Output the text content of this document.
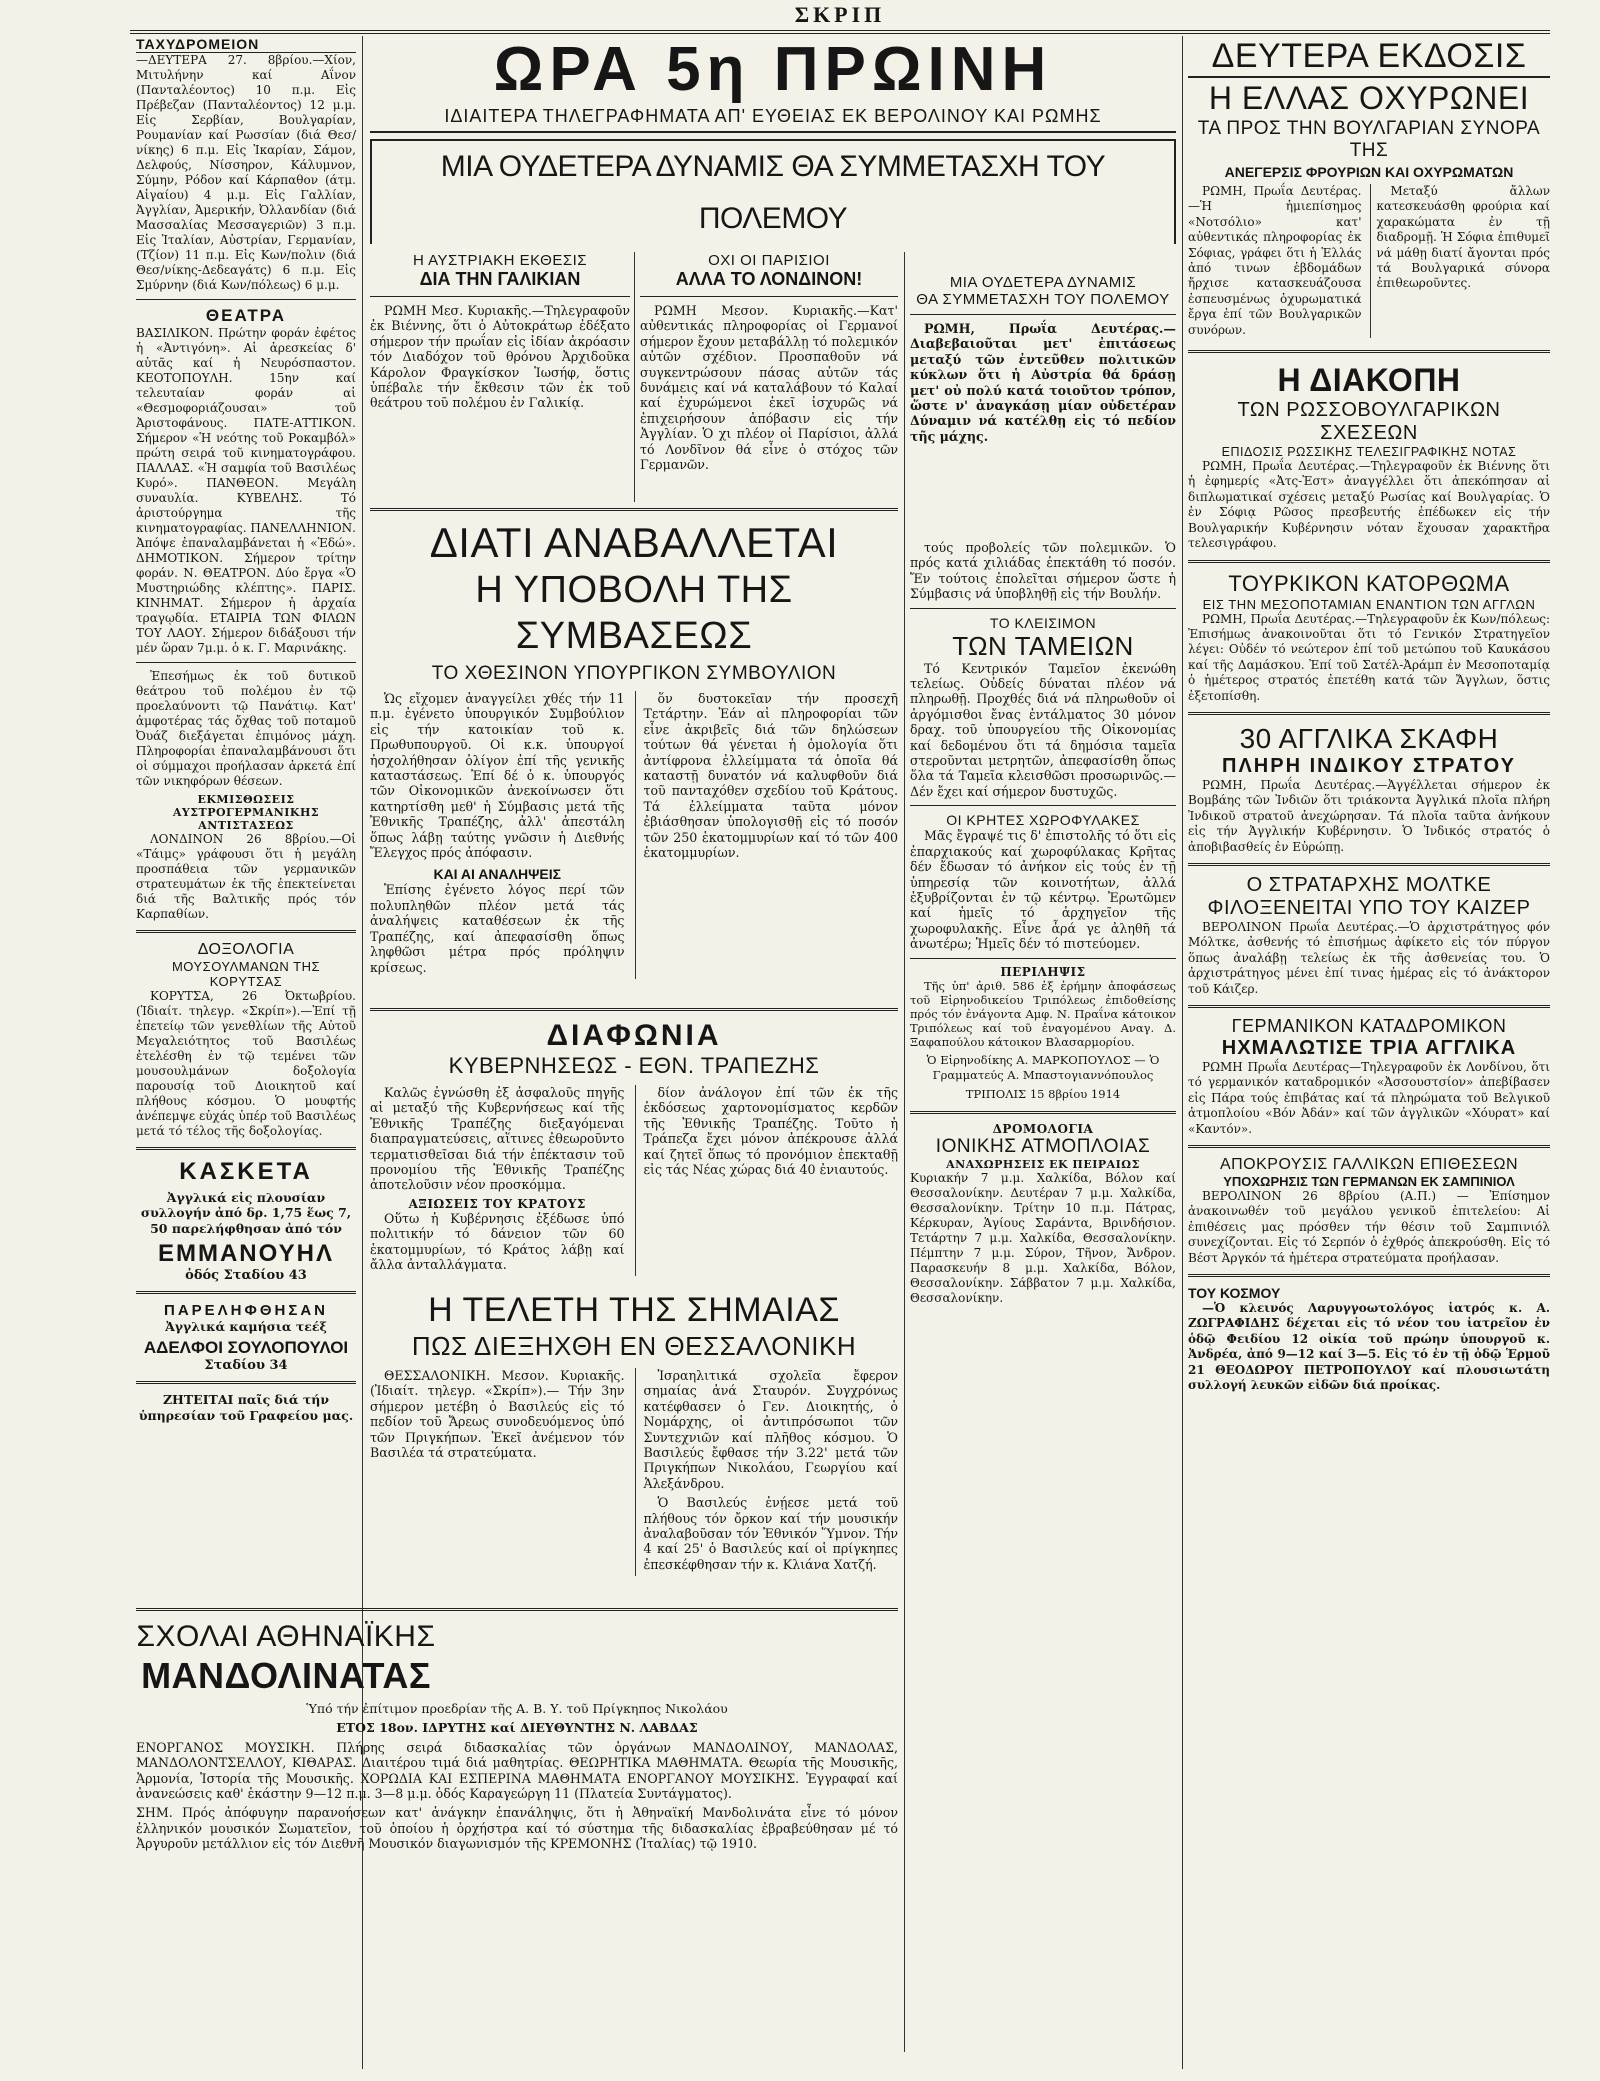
ΣΚΡΙΠ
ΤΑΧΥΔΡΟΜΕΙΟΝ

—ΔΕΥΤΕΡΑ 27. 8βρίου.—Χίον, Μιτυλήνην καί Αΐνον (Πανταλέοντος) 10 π.μ. Εἰς Πρέβεζαν (Πανταλέοντος) 12 μ.μ. Εἰς Σερβίαν, Βουλγαρίαν, Ρουμανίαν καί Ρωσσίαν (διά Θεσ/νίκης) 6 π.μ. Εἰς Ἰκαρίαν, Σάμον, Δελφούς, Νίσσηρον, Κάλυμνον, Σύμην, Ρόδον καί Κάρπαθον (άτμ. Αἰγαίου) 4 μ.μ. Εἰς Γαλλίαν, Ἀγγλίαν, Ἀμερικήν, Ὀλλανδίαν (διά Μασσαλίας Μεσσαγεριῶν) 3 π.μ. Εἰς Ἰταλίαν, Αὐστρίαν, Γερμανίαν, (Τζίον) 11 π.μ. Εἰς Κων/πολιν (διά Θεσ/νίκης-Δεδεαγάτς) 6 π.μ. Εἰς Σμύρνην (διά Κων/πόλεως) 6 μ.μ.

ΘΕΑΤΡΑ

ΒΑΣΙΛΙΚΟΝ. Πρώτην φοράν ἐφέτος ἡ «Ἀντιγόνη». Αἱ ἀρεσκείας δ' αὐτᾶς καί ἡ Νευρόσπαστον. ΚΕΟΤΟΠΟΥΛΗ. 15ην καί τελευταίαν φοράν αἱ «Θεσμοφοριάζουσαι» τοῦ Ἀριστοφάνους. ΠΑΤΕ-ΑΤΤΙΚΟΝ. Σήμερον «Ἡ νεότης τοῦ Ροκαμβόλ» πρώτη σειρά τοῦ κινηματογράφου. ΠΑΛΛΑΣ. «Ἡ σαμφία τοῦ Βασιλέως Κυρό». ΠΑΝΘΕΟΝ. Μεγάλη συναυλία. ΚΥΒΕΛΗΣ. Τό ἀριστούργημα τῆς κινηματογραφίας. ΠΑΝΕΛΛΗΝΙΟΝ. Ἀπόψε ἐπαναλαμβάνεται ἡ «Ἐδώ». ΔΗΜΟΤΙΚΟΝ. Σήμερον τρίτην φοράν. Ν. ΘΕΑΤΡΟΝ. Δύο ἔργα «Ὁ Μυστηριώδης κλέπτης». ΠΑΡΙΣ. ΚΙΝΗΜΑΤ. Σήμερον ἡ ἀρχαία τραγῳδία. ΕΤΑΙΡΙΑ ΤΩΝ ΦΙΛΩΝ ΤΟΥ ΛΑΟΥ. Σήμερον διδάξουσι τήν μέν ὥραν 7μ.μ. ὁ κ. Γ. Μαρινάκης.

Ἐπεσήμως ἐκ τοῦ δυτικοῦ θεάτρου τοῦ πολέμου ἐν τῷ προελαύνοντι τῷ Πανάτιῳ. Κατ' ἀμφοτέρας τάς ὄχθας τοῦ ποταμοῦ Ὀυάζ διεξάγεται ἐπιμόνος μάχη. Πληροφορίαι ἐπαναλαμβάνουσι ὅτι οἱ σύμμαχοι προήλασαν ἀρκετά ἐπί τῶν νικηφόρων θέσεων.

ΕΚΜΙΣΘΩΣΕΙΣ ΑΥΣΤΡΟΓΕΡΜΑΝΙΚΗΣ ΑΝΤΙΣΤΑΣΕΩΣ

ΛΟΝΔΙΝΟΝ 26 8βρίου.—Οἱ «Τάιμς» γράφουσι ὅτι ἡ μεγάλη προσπάθεια τῶν γερμανικῶν στρατευμάτων ἐκ τῆς ἐπεκτείνεται διά τῆς Βαλτικῆς πρός τόν Καρπαθίων.

ΔΟΞΟΛΟΓΙΑ
ΜΟΥΣΟΥΛΜΑΝΩΝ ΤΗΣ ΚΟΡΥΤΣΑΣ

ΚΟΡΥΤΣΑ, 26 Ὀκτωβρίου. (Ἰδιαίτ. τηλεγρ. «Σκρίπ»).—Ἐπί τῇ ἐπετείῳ τῶν γενεθλίων τῆς Αὐτοῦ Μεγαλειότητος τοῦ Βασιλέως ἐτελέσθη ἐν τῷ τεμένει τῶν μουσουλμάνων δοξολογία παρουσίᾳ τοῦ Διοικητοῦ καί πλήθους κόσμου. Ὁ μουφτής ἀνέπεμψε εὐχάς ὑπέρ τοῦ Βασιλέως μετά τό τέλος τῆς δοξολογίας.

ΚΑΣΚΕΤΑ

Ἀγγλικά εἰς πλουσίαν συλλογήν ἀπό δρ. 1,75 ἕως 7, 50 παρελήφθησαν ἀπό τόν

ΕΜΜΑΝΟΥΗΛ
ὁδός Σταδίου 43
ΠΑΡΕΛΗΦΘΗΣΑΝ
Ἀγγλικά καμήσια τεέξ
ΑΔΕΛΦΟΙ ΣΟΥΛΟΠΟΥΛΟΙ
Σταδίου 34

ΖΗΤΕΙΤΑΙ παῖς διά τήν ὑπηρεσίαν τοῦ Γραφείου μας.

ΩΡΑ 5η ΠΡΩΙΝΗ
ΙΔΙΑΙΤΕΡΑ ΤΗΛΕΓΡΑΦΗΜΑΤΑ ΑΠ' ΕΥΘΕΙΑΣ ΕΚ ΒΕΡΟΛΙΝΟΥ ΚΑΙ ΡΩΜΗΣ
ΜΙΑ ΟΥΔΕΤΕΡΑ ΔΥΝΑΜΙΣ ΘΑ ΣΥΜΜΕΤΑΣΧΗ ΤΟΥ ΠΟΛΕΜΟΥ
Η ΑΥΣΤΡΙΑΚΗ ΕΚΘΕΣΙΣ
ΔΙΑ ΤΗΝ ΓΑΛΙΚΙΑΝ

ΡΩΜΗ Μεσ. Κυριακῆς.—Τηλεγραφοῦν ἐκ Βιέννης, ὅτι ὁ Αὐτοκράτωρ ἐδέξατο σήμερον τήν πρωΐαν εἰς ἰδίαν ἀκρόασιν τόν Διαδόχον τοῦ θρόνου Ἀρχιδοῦκα Κάρολον Φραγκίσκον Ἰωσήφ, ὅστις ὑπέβαλε τήν ἔκθεσιν τῶν ἐκ τοῦ θεάτρου τοῦ πολέμου ἐν Γαλικίᾳ.

ΟΧΙ ΟΙ ΠΑΡΙΣΙΟΙ
ΑΛΛΑ ΤΟ ΛΟΝΔΙΝΟΝ!

ΡΩΜΗ Μεσον. Κυριακῆς.—Κατ' αὐθεντικάς πληροφορίας οἱ Γερμανοί σήμερον ἔχουν μεταβάλλῃ τό πολεμικόν αὐτῶν σχέδιον. Προσπαθοῦν νά συγκεντρώσουν πάσας αὐτῶν τάς δυνάμεις καί νά καταλάβουν τό Καλαί καί ἐχυρώμενοι ἐκεῖ ἰσχυρῶς νά ἐπιχειρήσουν ἀπόβασιν εἰς τήν Ἀγγλίαν. Ὁ χι πλέον οἱ Παρίσιοι, ἀλλά τό Λονδῖνον θά εἶνε ὁ στόχος τῶν Γερμανῶν.

ΜΙΑ ΟΥΔΕΤΕΡΑ ΔΥΝΑΜΙΣ
ΘΑ ΣΥΜΜΕΤΑΣΧΗ ΤΟΥ ΠΟΛΕΜΟΥ

ΡΩΜΗ, Πρωΐα Δευτέρας.—Διαβεβαιοῦται μετ' ἐπιτάσεως μεταξύ τῶν ἐντεῦθεν πολιτικῶν κύκλων ὅτι ἡ Αὐστρία θά δράσῃ μετ' οὐ πολύ κατά τοιοῦτον τρόπον, ὥστε ν' ἀναγκάσῃ μίαν οὐδετέραν Δύναμιν νά κατέλθῃ εἰς τό πεδίον τῆς μάχης.

ΔΙΑΤΙ ΑΝΑΒΑΛΛΕΤΑΙ
Η ΥΠΟΒΟΛΗ ΤΗΣ ΣΥΜΒΑΣΕΩΣ
ΤΟ ΧΘΕΣΙΝΟΝ ΥΠΟΥΡΓΙΚΟΝ ΣΥΜΒΟΥΛΙΟΝ

Ὡς εἴχομεν ἀναγγείλει χθές τήν 11 π.μ. ἐγένετο ὑπουργικόν Συμβούλιον εἰς τήν κατοικίαν τοῦ κ. Πρωθυπουργοῦ. Οἱ κ.κ. ὑπουργοί ἠσχολήθησαν ὀλίγον ἐπί τῆς γενικῆς καταστάσεως. Ἐπί δέ ὁ κ. ὑπουργός τῶν Οἰκονομικῶν ἀνεκοίνωσεν ὅτι κατηρτίσθη μεθ' ἡ Σύμβασις μετά τῆς Ἐθνικῆς Τραπέζης, ἀλλ' ἀπεστάλη ὅπως λάβῃ ταύτης γνῶσιν ἡ Διεθνής Ἔλεγχος πρός ἀπόφασιν.

ΚΑΙ ΑΙ ΑΝΑΛΗΨΕΙΣ

Ἐπίσης ἐγένετο λόγος περί τῶν πολυπληθῶν πλέον μετά τάς ἀναλήψεις καταθέσεων ἐκ τῆς Τραπέζης, καί ἀπεφασίσθη ὅπως ληφθῶσι μέτρα πρός πρόληψιν κρίσεως.

ὅν δυστοκεῖαν τήν προσεχῆ Τετάρτην. Ἐάν αἱ πληροφορίαι τῶν εἶνε ἀκριβεῖς διά τῶν δηλώσεων τούτων θά γένεται ἡ ὁμολογία ὅτι ἀντίφρονα ἐλλείμματα τά ὁποῖα θά καταστῇ δυνατόν νά καλυφθοῦν διά τοῦ πανταχόθεν σχεδίου τοῦ Κράτους. Τά ἐλλείμματα ταῦτα μόνον ἐβιάσθησαν ὑπολογισθῇ εἰς τό ποσόν τῶν 250 ἑκατομμυρίων καί τό τῶν 400 ἑκατομμυρίων.

τούς προβολείς τῶν πολεμικῶν. Ὁ πρός κατά χιλιάδας ἐπεκτάθη τό ποσόν. Ἔν τούτοις ἐπολεῖται σήμερον ὥστε ἡ Σύμβασις νά ὑποβληθῇ εἰς τήν Βουλήν.

ΤΟ ΚΛΕΙΣΙΜΟΝ
ΤΩΝ ΤΑΜΕΙΩΝ

Τό Κεντρικόν Ταμεῖον ἐκενώθη τελείως. Οὐδείς δύναται πλέον νά πληρωθῇ. Προχθές διά νά πληρωθοῦν οἱ ἀργόμισθοι ἔνας ἐντάλματος 30 μόνον δραχ. τοῦ ὑπουργείου τῆς Οἰκονομίας καί δεδομένου ὅτι τά δημόσια ταμεῖα στεροῦνται μετρητῶν, ἀπεφασίσθη ὅπως ὅλα τά Ταμεῖα κλεισθῶσι προσωρινῶς.— Δέν ἔχει καί σήμερον δυστυχῶς.

ΟΙ ΚΡΗΤΕΣ ΧΩΡΟΦΥΛΑΚΕΣ

Μᾶς ἔγραψέ τις δ' ἐπιστολῆς τό ὅτι εἰς ἐπαρχιακούς καί χωροφύλακας Κρῆτας δέν ἔδωσαν τό ἀνήκον εἰς τούς ἐν τῇ ὑπηρεσίᾳ τῶν κοινοτήτων, ἀλλά ἐξυβρίζονται ἐν τῷ κέντρῳ. Ἐρωτῶμεν καί ἡμεῖς τό ἀρχηγεῖον τῆς χωροφυλακῆς. Εἶνε ἆρά γε ἀληθῆ τά ἀνωτέρω; Ἡμεῖς δέν τό πιστεύομεν.

ΠΕΡΙΛΗΨΙΣ

Τῆς ὑπ' ἀριθ. 586 ἐξ ἐρήμην ἀποφάσεως τοῦ Εἰρηνοδικείου Τριπόλεως ἐπιδοθείσης πρός τόν ἐνάγοντα Αμφ. Ν. Πραΐνα κάτοικον Τριπόλεως καί τοῦ ἐναγομένου Αναγ. Δ. Ξαφαπούλου κάτοικον Βλασαρμορίου.

Ὁ Εἰρηνοδίκης Α. ΜΑΡΚΟΠΟΥΛΟΣ — Ὁ Γραμματεύς Α. Μπαστογιαννόπουλος

ΤΡΙΠΟΛΙΣ 15 8βρίου 1914

ΔΡΟΜΟΛΟΓΙΑ
ΙΟΝΙΚΗΣ ΑΤΜΟΠΛΟΙΑΣ
ΑΝΑΧΩΡΗΣΕΙΣ ΕΚ ΠΕΙΡΑΙΩΣ

Κυριακήν 7 μ.μ. Χαλκίδα, Βόλον καί Θεσσαλονίκην. Δευτέραν 7 μ.μ. Χαλκίδα, Θεσσαλονίκην. Τρίτην 10 π.μ. Πάτρας, Κέρκυραν, Ἁγίους Σαράντα, Βρινδήσιον. Τετάρτην 7 μ.μ. Χαλκίδα, Θεσσαλονίκην. Πέμπτην 7 μ.μ. Σύρον, Τῆνον, Ἄνδρον. Παρασκευήν 8 μ.μ. Χαλκίδα, Βόλον, Θεσσαλονίκην. Σάββατον 7 μ.μ. Χαλκίδα, Θεσσαλονίκην.

ΔΙΑΦΩΝΙΑ
ΚΥΒΕΡΝΗΣΕΩΣ - ΕΘΝ. ΤΡΑΠΕΖΗΣ

Καλῶς ἐγνώσθη ἐξ ἀσφαλοῦς πηγῆς αἱ μεταξύ τῆς Κυβερνήσεως καί τῆς Ἐθνικῆς Τραπέζης διεξαγόμεναι διαπραγματεύσεις, αἵτινες ἐθεωροῦντο τερματισθεῖσαι διά τήν ἐπέκτασιν τοῦ προνομίου τῆς Ἐθνικῆς Τραπέζης ἀποτελοῦσιν νέον προσκόμμα.

ΑΞΙΩΣΕΙΣ ΤΟΥ ΚΡΑΤΟΥΣ

Οὕτω ἡ Κυβέρνησις ἐξέδωσε ὑπό πολιτικήν τό δάνειον τῶν 60 ἑκατομμυρίων, τό Κράτος λάβῃ καί ἄλλα ἀνταλλάγματα.

δίον ἀνάλογον ἐπί τῶν ἐκ τῆς ἐκδόσεως χαρτονομίσματος κερδῶν τῆς Ἐθνικῆς Τραπέζης. Τοῦτο ἡ Τράπεζα ἔχει μόνον ἀπέκρουσε ἀλλά καί ζητεῖ ὅπως τό προνόμιον ἐπεκταθῇ εἰς τάς Νέας χώρας διά 40 ἐνιαυτούς.

Η ΤΕΛΕΤΗ ΤΗΣ ΣΗΜΑΙΑΣ
ΠΩΣ ΔΙΕΞΗΧΘΗ ΕΝ ΘΕΣΣΑΛΟΝΙΚΗ

ΘΕΣΣΑΛΟΝΙΚΗ. Μεσον. Κυριακῆς. (Ἰδιαίτ. τηλεγρ. «Σκρίπ»).— Τήν 3ην σήμερον μετέβη ὁ Βασιλεύς εἰς τό πεδίον τοῦ Ἄρεως συνοδευόμενος ὑπό τῶν Πριγκήπων. Ἐκεῖ ἀνέμενον τόν Βασιλέα τά στρατεύματα.

Ἰσραηλιτικά σχολεῖα ἔφερον σημαίας ἀνά Σταυρόν. Συγχρόνως κατέφθασεν ὁ Γεν. Διοικητής, ὁ Νομάρχης, οἱ ἀντιπρόσωποι τῶν Συντεχνιῶν καί πλῆθος κόσμου. Ὁ Βασιλεύς ἔφθασε τήν 3.22' μετά τῶν Πριγκήπων Νικολάου, Γεωργίου καί Ἀλεξάνδρου.

Ὁ Βασιλεύς ἐνῄεσε μετά τοῦ πλήθους τόν ὄρκον καί τήν μουσικήν ἀναλαβοῦσαν τόν Ἐθνικόν Ὕμνον. Τήν 4 καί 25' ὁ Βασιλεύς καί οἱ πρίγκηπες ἐπεσκέφθησαν τήν κ. Κλιάνα Χατζή.

ΣΧΟΛΑΙ ΑΘΗΝΑΪΚΗΣ
ΜΑΝΔΟΛΙΝΑΤΑΣ

Ὑπό τήν ἐπίτιμον προεδρίαν τῆς Α. Β. Υ. τοῦ Πρίγκηπος Νικολάου

ΕΤΟΣ 18ον. ΙΔΡΥΤΗΣ καί ΔΙΕΥΘΥΝΤΗΣ Ν. ΛΑΒΔΑΣ

ΕΝΟΡΓΑΝΟΣ ΜΟΥΣΙΚΗ. Πλήρης σειρά διδασκαλίας τῶν ὀργάνων ΜΑΝΔΟΛΙΝΟΥ, ΜΑΝΔΟΛΑΣ, ΜΑΝΔΟΛΟΝΤΣΕΛΛΟΥ, ΚΙΘΑΡΑΣ. Διαιτέρου τιμά διά μαθητρίας. ΘΕΩΡΗΤΙΚΑ ΜΑΘΗΜΑΤΑ. Θεωρία τῆς Μουσικῆς, Ἁρμονία, Ἱστορία τῆς Μουσικῆς. ΧΟΡΩΔΙΑ ΚΑΙ ΕΣΠΕΡΙΝΑ ΜΑΘΗΜΑΤΑ ΕΝΟΡΓΑΝΟΥ ΜΟΥΣΙΚΗΣ. Ἐγγραφαί καί ἀνανεώσεις καθ' ἑκάστην 9—12 π.μ. 3—8 μ.μ. ὁδός Καραγεώργη 11 (Πλατεία Συντάγματος).

ΣΗΜ. Πρός ἀπόφυγην παρανοήσεων κατ' ἀνάγκην ἐπανάληψις, ὅτι ἡ Ἀθηναϊκή Μανδολινάτα εἶνε τό μόνον ἐλληνικόν μουσικόν Σωματεῖον, τοῦ ὁποίου ἡ ὀρχήστρα καί τό σύστημα τῆς διδασκαλίας ἐβραβεύθησαν μέ τό Ἀργυροῦν μετάλλιον εἰς τόν Διεθνῆ Μουσικόν διαγωνισμόν τῆς ΚΡΕΜΟΝΗΣ (Ἰταλίας) τῷ 1910.

ΔΕΥΤΕΡΑ ΕΚΔΟΣΙΣ
Η ΕΛΛΑΣ ΟΧΥΡΩΝΕΙ
ΤΑ ΠΡΟΣ ΤΗΝ ΒΟΥΛΓΑΡΙΑΝ ΣΥΝΟΡΑ ΤΗΣ
ΑΝΕΓΕΡΣΙΣ ΦΡΟΥΡΙΩΝ ΚΑΙ ΟΧΥΡΩΜΑΤΩΝ

ΡΩΜΗ, Πρωΐα Δευτέρας.—Ἡ ἡμιεπίσημος «Νοτσόλιο» κατ' αὐθεντικάς πληροφορίας ἐκ Σόφιας, γράφει ὅτι ἡ Ἑλλάς ἀπό τινων ἑβδομάδων ἤρχισε κατασκευάζουσα ἐσπευσμένως ὀχυρωματικά ἔργα ἐπί τῶν Βουλγαρικῶν συνόρων.

Μεταξύ ἄλλων κατεσκευάσθη φρούρια καί χαρακώματα ἐν τῇ διαδρομῇ. Ἡ Σόφια ἐπιθυμεῖ νά μάθῃ διατί ἄγονται πρός τά Βουλγαρικά σύνορα ἐπιθεωροῦντες.

Η ΔΙΑΚΟΠΗ
ΤΩΝ ΡΩΣΣΟΒΟΥΛΓΑΡΙΚΩΝ ΣΧΕΣΕΩΝ
ΕΠΙΔΟΣΙΣ ΡΩΣΣΙΚΗΣ ΤΕΛΕΣΙΓΡΑΦΙΚΗΣ ΝΟΤΑΣ

ΡΩΜΗ, Πρωΐα Δευτέρας.—Τηλεγραφοῦν ἐκ Βιέννης ὅτι ἡ ἐφημερίς «Ἀτς-Ἐστ» ἀναγγέλλει ὅτι ἀπεκόπησαν αἱ διπλωματικαί σχέσεις μεταξύ Ρωσίας καί Βουλγαρίας. Ὁ ἐν Σόφιᾳ Ρῶσος πρεσβευτής ἐπέδωκεν εἰς τήν Βουλγαρικήν Κυβέρνησιν νόταν ἔχουσαν χαρακτῆρα τελεσιγράφου.

ΤΟΥΡΚΙΚΟΝ ΚΑΤΟΡΘΩΜΑ
ΕΙΣ ΤΗΝ ΜΕΣΟΠΟΤΑΜΙΑΝ ΕΝΑΝΤΙΟΝ ΤΩΝ ΑΓΓΛΩΝ

ΡΩΜΗ, Πρωΐα Δευτέρας.—Τηλεγραφοῦν ἐκ Κων/πόλεως: Ἐπισήμως ἀνακοινοῦται ὅτι τό Γενικόν Στρατηγεῖον λέγει: Οὐδέν τό νεώτερον ἐπί τοῦ μετώπου τοῦ Καυκάσου καί τῆς Δαμάσκου. Ἐπί τοῦ Σατέλ-Ἀράμπ ἐν Μεσοποταμίᾳ ὁ ἡμέτερος στρατός ἐπετέθη κατά τῶν Ἄγγλων, ὅστις ἐξετοπίσθη.

30 ΑΓΓΛΙΚΑ ΣΚΑΦΗ
ΠΛΗΡΗ ΙΝΔΙΚΟΥ ΣΤΡΑΤΟΥ

ΡΩΜΗ, Πρωΐα Δευτέρας.—Ἀγγέλλεται σήμερον ἐκ Βομβάης τῶν Ἰνδιῶν ὅτι τριάκοντα Ἀγγλικά πλοῖα πλήρη Ἰνδικοῦ στρατοῦ ἀνεχώρησαν. Τά πλοῖα ταῦτα ἀνήκουν εἰς τήν Ἀγγλικήν Κυβέρνησιν. Ὁ Ἰνδικός στρατός ὁ ἀποβιβασθείς ἐν Εὐρώπῃ.

Ο ΣΤΡΑΤΑΡΧΗΣ ΜΟΛΤΚΕ
ΦΙΛΟΞΕΝΕΙΤΑΙ ΥΠΟ ΤΟΥ ΚΑΙΖΕΡ

ΒΕΡΟΛΙΝΟΝ Πρωΐα Δευτέρας.—Ὁ ἀρχιστράτηγος φόν Μόλτκε, ἀσθενής τό ἐπισήμως ἀφίκετο εἰς τόν πύργον ὅπως ἀναλάβῃ τελείως ἐκ τῆς ἀσθενείας του. Ὁ ἀρχιστράτηγος μένει ἐπί τινας ἡμέρας εἰς τό ἀνάκτορον τοῦ Κάιζερ.

ΓΕΡΜΑΝΙΚΟΝ ΚΑΤΑΔΡΟΜΙΚΟΝ
ΗΧΜΑΛΩΤΙΣΕ ΤΡΙΑ ΑΓΓΛΙΚΑ

ΡΩΜΗ Πρωΐα Δευτέρας—Τηλεγραφοῦν ἐκ Λονδίνου, ὅτι τό γερμανικόν καταδρομικόν «Ἀσσουστσίον» ἀπεβίβασεν εἰς Πάρα τούς ἐπιβάτας καί τά πληρώματα τοῦ Βελγικοῦ ἀτμοπλοίου «Βόν Ἀδάν» καί τῶν ἀγγλικῶν «Χόυρατ» καί «Καντόν».

ΑΠΟΚΡΟΥΣΙΣ ΓΑΛΛΙΚΩΝ ΕΠΙΘΕΣΕΩΝ
ΥΠΟΧΩΡΗΣΙΣ ΤΩΝ ΓΕΡΜΑΝΩΝ ΕΚ ΣΑΜΠΙΝΙΟΛ

ΒΕΡΟΛΙΝΟΝ 26 8βρίου (Α.Π.) — Ἐπίσημον ἀνακοινωθέν τοῦ μεγάλου γενικοῦ ἐπιτελείου: Αἱ ἐπιθέσεις μας πρόσθεν τήν θέσιν τοῦ Σαμπινιόλ συνεχίζονται. Εἰς τό Σερπόν ὁ ἐχθρός ἀπεκρούσθη. Εἰς τό Βέστ Ἀργκόν τά ἡμέτερα στρατεύματα προήλασαν.

ΤΟΥ ΚΟΣΜΟΥ

—Ὁ κλεινός Λαρυγγοωτολόγος ἰατρός κ. Α. ΖΩΓΡΑΦΙΔΗΣ δέχεται εἰς τό νέον του ἰατρεῖον ἐν ὁδῷ Φειδίου 12 οἰκία τοῦ πρώην ὑπουργοῦ κ. Ἀνδρέα, ἀπό 9—12 καί 3—5. Εἰς τό ἐν τῇ ὁδῷ Ἑρμοῦ 21 ΘΕΟΔΩΡΟΥ ΠΕΤΡΟΠΟΥΛΟΥ καί πλουσιωτάτη συλλογή λευκῶν εἰδῶν διά προίκας.
